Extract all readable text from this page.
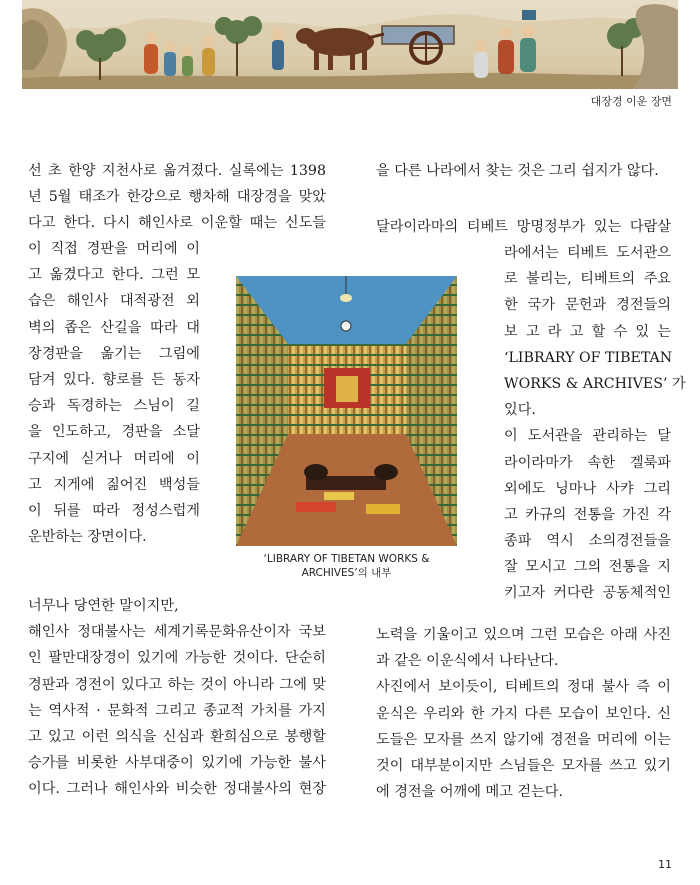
대장경 이운 장면
선 초 한양 지천사로 옮겨졌다. 실록에는 1398
년 5월 태조가 한강으로 행차해 대장경을 맞았
다고 한다. 다시 해인사로 이운할 때는 신도들
이 직접 경판을 머리에 이
고 옮겼다고 한다. 그런 모
습은 해인사 대적광전 외
벽의 좁은 산길을 따라 대
장경판을 옮기는 그림에
담겨 있다. 향로를 든 동자
승과 독경하는 스님이 길
을 인도하고, 경판을 소달
구지에 싣거나 머리에 이
고 지게에 짊어진 백성들
이 뒤를 따라 정성스럽게
운반하는 장면이다.
너무나 당연한 말이지만,
해인사 정대불사는 세계기록문화유산이자 국보
인 팔만대장경이 있기에 가능한 것이다. 단순히
경판과 경전이 있다고 하는 것이 아니라 그에 맞
는 역사적 · 문화적 그리고 종교적 가치를 가지
고 있고 이런 의식을 신심과 환희심으로 봉행할
승가를 비롯한 사부대중이 있기에 가능한 불사
이다. 그러나 해인사와 비슷한 정대불사의 현장
을 다른 나라에서 찾는 것은 그리 쉽지가 않다.
달라이라마의 티베트 망명정부가 있는 다람살
라에서는 티베트 도서관으
로 불리는, 티베트의 주요
한 국가 문헌과 경전들의
보 고 라 고 할 수 있 는
‘LIBRARY OF TIBETAN
WORKS & ARCHIVES’ 가
있다.
이 도서관을 관리하는 달
라이라마가 속한 겔룩파
외에도 닝마나 사캬 그리
고 카규의 전통을 가진 각
종파 역시 소의경전들을
잘 모시고 그의 전통을 지
키고자 커다란 공동체적인
노력을 기울이고 있으며 그런 모습은 아래 사진
과 같은 이운식에서 나타난다.
사진에서 보이듯이, 티베트의 정대 불사 즉 이
운식은 우리와 한 가지 다른 모습이 보인다. 신
도들은 모자를 쓰지 않기에 경전을 머리에 이는
것이 대부분이지만 스님들은 모자를 쓰고 있기
에 경전을 어깨에 메고 걷는다.
‘LIBRARY OF TIBETAN WORKS &
ARCHIVES’의 내부
11
